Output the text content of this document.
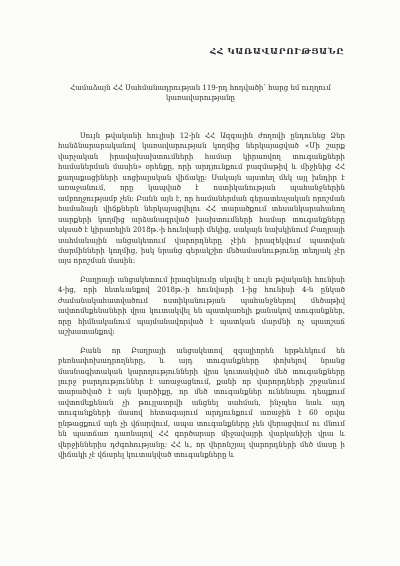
ՀՀ ԿԱՌԱՎԱՐՈՒԹՅԱՆԸ
Համաձայն ՀՀ Սահմանադրության 119-րդ հոդվածի՝ հարց եմ ուղղում կառավարությանը

Սույն թվականի հուլիսի 12-ին ՀՀ Ազգային ժողովի ընդունեց Ձեր հանձնարարականով կառավարության կողմից ներկայացված «Մի շարք վարչական իրավախախտումների համար կիրառվող տուգանքների համաներման մասին» օրենքը, որի արդյունքում բազմաթիվ և միջինից ՀՀ քաղաքացիների սոցիալական վիճակը: Սակայն այստեղ մեկ այլ խնդիր է առաջանում, որը կապված է ոստիկանության պահանջներին ամբողջությամբ չեն: Բանն այն է, որ համաներման գերատեսչական որոշման համաձայն վիճքներն ներկայացվելու ՀՀ տարածքում տեսանկարահանող սարքերի կողմից արձանագրված խախտումների համար տուգանքները սկսած է կիրառելին 2018թ.-ի հունվարի մեկից, սակայն նախկինում Բաղրայի սահմանային անցակետում վարորդները չէին իրազեկվում պատվան մարմինների կողմից, իսկ նրանց գերակշիռ մեծամասնությունը տեղյակ չէր այս որոշման մասին:

Բաղրայի անցակետում իրազեկումը սկսվել է սույն թվականի հունիսի 4-ից, որի հետևանքով 2018թ.-ի հունվարի 1-ից հունիսի 4-ն ընկած ժամանակահատվածում ոստիկանության պահանջներով մեծաթիվ ավտոմեքենաների վրա կուտակվել են պատկառելի քանակով տուգանքներ, որը հիմնականում պայմանավորված է պատկան մարմնի ոչ պատշաճ աշխատանքով:

Բանն որ Բաղրայի անցակետով զգալիորեն երթևեկում են բեռնափոխադրողները, և այդ տուգանքները փոխելով նրանց մասնագիտական կարողությունների վրա կուտակված մեծ տուգանքները լուրջ բարդություններ է առաջացնում, քանի որ վարորդների շրջանում տարածված է այն կարծիքը, որ մեծ տուգանքներ ունենալու դեպքում ավտոմեքենան չի թույլատրվի անցնել սահման, ինչպես նաև այդ տուգանքների մասով հետագայում արդյունքում առաջին է 60 օրվա ընթացքում այն չի վճարվում, ապա տուգանքները չեն վերացվում ու մնում են պատճառ դառնալով ՀՀ գործարար միջավայրի վարկանիշի վրա և վերջիններիս դժգոհությանը: ՀՀ և, որ վերոնշյալ վարորդների մեծ մասը ի վիճակի չէ վճարել կուտակված տուգանքները և
